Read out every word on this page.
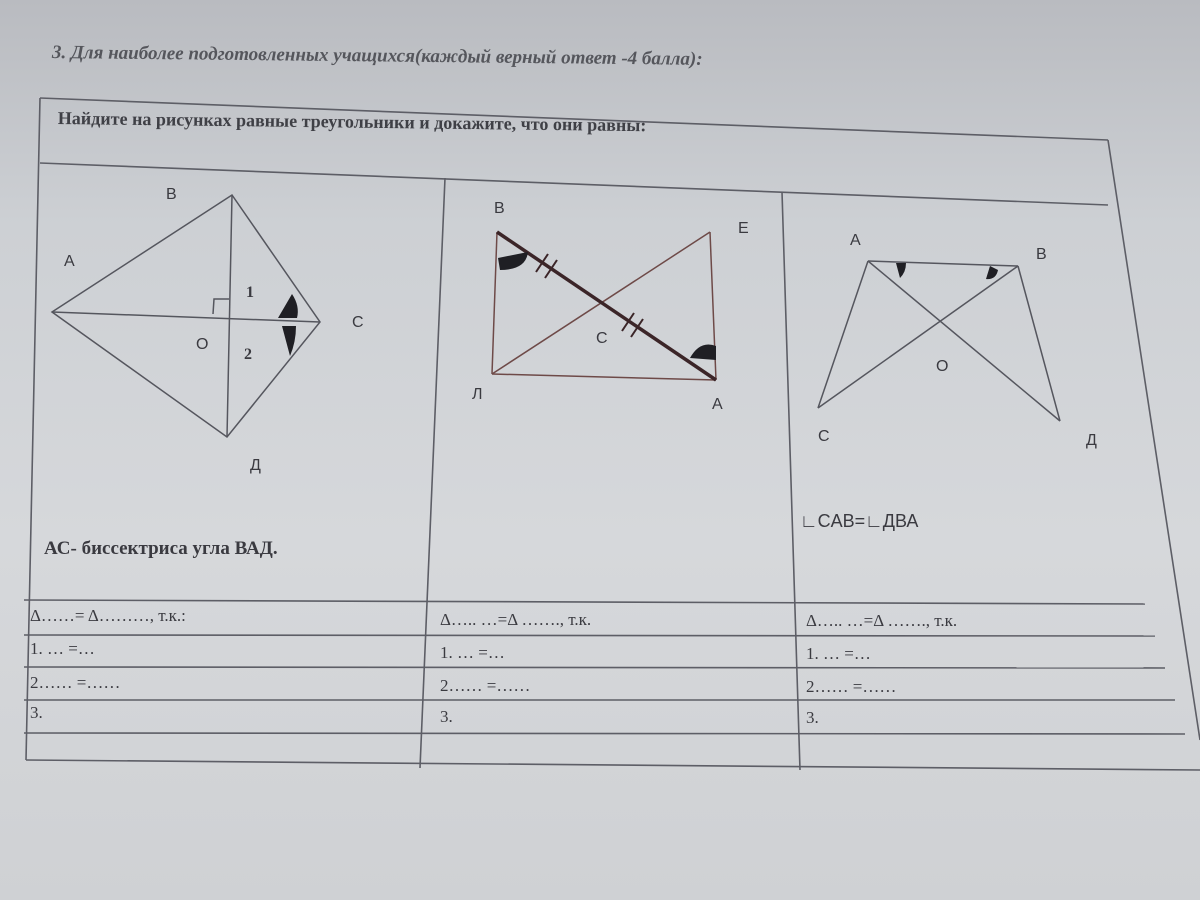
3. Для наиболее подготовленных учащихся(каждый верный ответ -4 балла):
Найдите на рисунках равные треугольники и докажите, что они равны:
В
А
С
Д
О
1
2
АС- биссектриса угла ВАД.
В
Е
С
Л
А
А
В
О
С	Д
∟CAB=∟ДВА
Δ……= Δ………, т.к.:	Δ….. …=Δ ……., т.к.	Δ….. …=Δ ……., т.к.
1. … =…	1. … =…	1. … =…
2…… =……	2…… =……	2…… =……
3.	3.	3.
